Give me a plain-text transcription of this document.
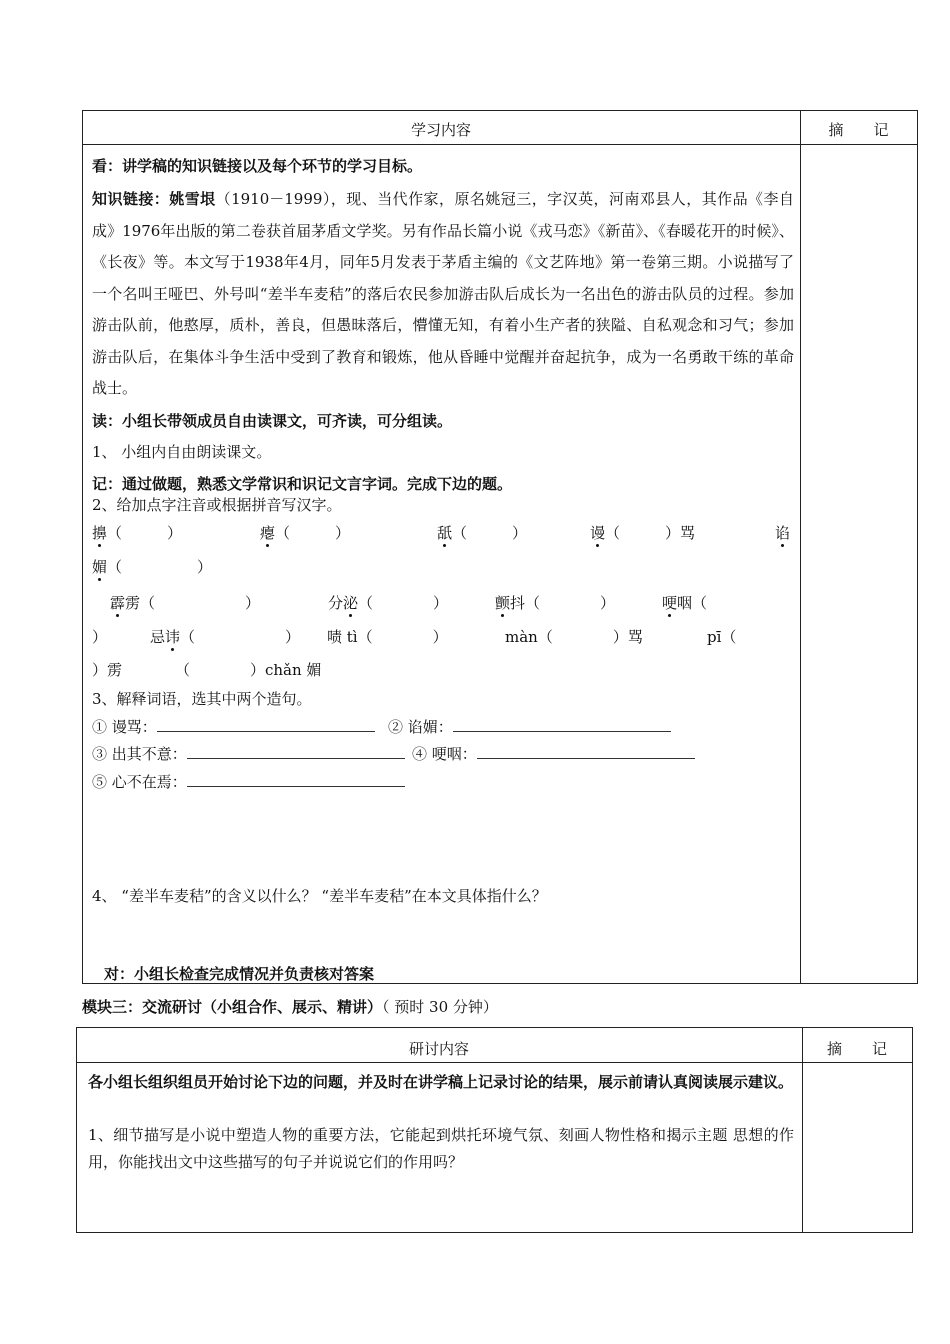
学习内容	摘　　记
看：讲学稿的知识链接以及每个环节的学习目标。
知识链接：姚雪垠（1910－1999），现、当代作家，原名姚冠三，字汉英，河南邓县人，其作品《李自成》1976年出版的第二卷获首届茅盾文学奖。另有作品长篇小说《戎马恋》《新苗》、《春暖花开的时候》、《长夜》等。本文写于1938年4月，同年5月发表于茅盾主编的《文艺阵地》第一卷第三期。小说描写了一个名叫王哑巴、外号叫“差半车麦秸”的落后农民参加游击队后成长为一名出色的游击队员的过程。参加游击队前，他憨厚，质朴，善良，但愚昧落后，懵懂无知，有着小生产者的狭隘、自私观念和习气；参加游击队后，在集体斗争生活中受到了教育和锻炼，他从昏睡中觉醒并奋起抗争，成为一名勇敢干练的革命战士。
读：小组长带领成员自由读课文，可齐读，可分组读。
1、 小组内自由朗读课文。
记：通过做题，熟悉文学常识和识记文言字词。完成下边的题。
2、给加点字注音或根据拼音写汉字。
擤（　　　）	瘪（　　　）	舐（　　　）	谩（　　　）骂	谄
媚（　　　　　）
霹雳（　　　　　　）	分泌（　　　　）	颤抖（　　　　）	哽咽（
）	忌讳（　　　　　　） 啧 tì（　　　　）	màn（　　　　）骂	pī（
）雳	（　　　　）chǎn 媚
3、解释词语，选其中两个造句。
① 谩骂：	② 谄媚：
③ 出其不意：	④ 哽咽：
⑤ 心不在焉：
4、 “差半车麦秸”的含义以什么？ “差半车麦秸”在本文具体指什么？
对：小组长检查完成情况并负责核对答案
模块三：交流研讨（小组合作、展示、精讲）（ 预时 30 分钟）
研讨内容	摘　　记
各小组长组织组员开始讨论下边的问题，并及时在讲学稿上记录讨论的结果，展示前请认真阅读展示建议。
1、细节描写是小说中塑造人物的重要方法，它能起到烘托环境气氛、刻画人物性格和揭示主题 思想的作用，你能找出文中这些描写的句子并说说它们的作用吗？
